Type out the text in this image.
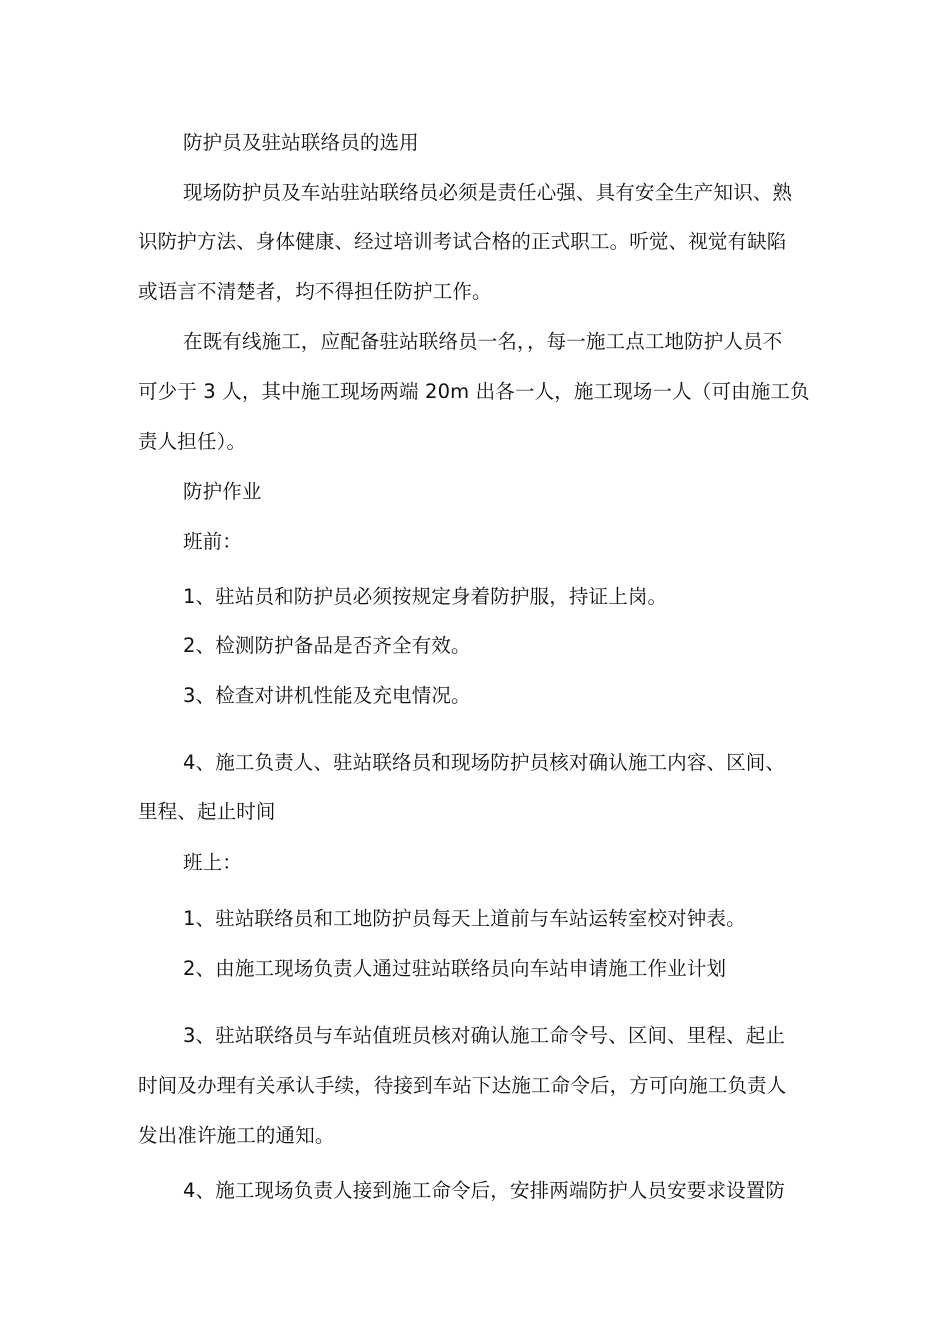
防护员及驻站联络员的选用
现场防护员及车站驻站联络员必须是责任心强、具有安全生产知识、熟
识防护方法、身体健康、经过培训考试合格的正式职工。听觉、视觉有缺陷
或语言不清楚者，均不得担任防护工作。
在既有线施工，应配备驻站联络员一名，，每一施工点工地防护人员不
可少于 3 人，其中施工现场两端 20m 出各一人，施工现场一人（可由施工负
责人担任）。
防护作业
班前：
1、驻站员和防护员必须按规定身着防护服，持证上岗。
2、检测防护备品是否齐全有效。
3、检查对讲机性能及充电情况。
4、施工负责人、驻站联络员和现场防护员核对确认施工内容、区间、
里程、起止时间
班上：
1、驻站联络员和工地防护员每天上道前与车站运转室校对钟表。
2、由施工现场负责人通过驻站联络员向车站申请施工作业计划
3、驻站联络员与车站值班员核对确认施工命令号、区间、里程、起止
时间及办理有关承认手续，待接到车站下达施工命令后，方可向施工负责人
发出准许施工的通知。
4、施工现场负责人接到施工命令后，安排两端防护人员安要求设置防
